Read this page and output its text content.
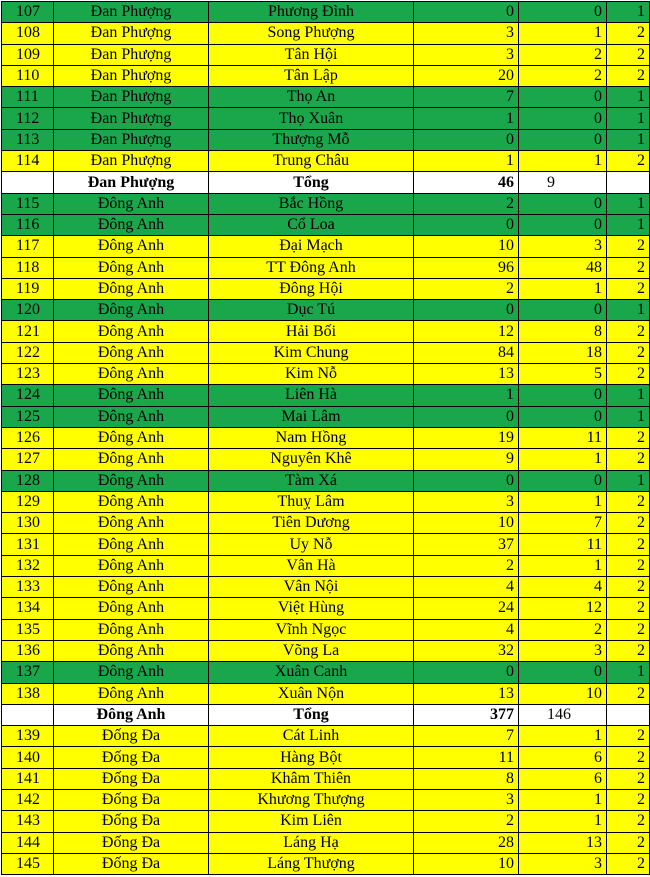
107	Đan Phượng	Phương Đình	0	0	1
108	Đan Phượng	Song Phượng	3	1	2
109	Đan Phượng	Tân Hội	3	2	2
110	Đan Phượng	Tân Lập	20	2	2
111	Đan Phượng	Thọ An	7	0	1
112	Đan Phượng	Thọ Xuân	1	0	1
113	Đan Phượng	Thượng Mỗ	0	0	1
114	Đan Phượng	Trung Châu	1	1	2
	Đan Phượng	Tổng	46	9	
115	Đông Anh	Bắc Hồng	2	0	1
116	Đông Anh	Cổ Loa	0	0	1
117	Đông Anh	Đại Mạch	10	3	2
118	Đông Anh	TT Đông Anh	96	48	2
119	Đông Anh	Đông Hội	2	1	2
120	Đông Anh	Dục Tú	0	0	1
121	Đông Anh	Hải Bối	12	8	2
122	Đông Anh	Kim Chung	84	18	2
123	Đông Anh	Kim Nỗ	13	5	2
124	Đông Anh	Liên Hà	1	0	1
125	Đông Anh	Mai Lâm	0	0	1
126	Đông Anh	Nam Hồng	19	11	2
127	Đông Anh	Nguyên Khê	9	1	2
128	Đông Anh	Tàm Xá	0	0	1
129	Đông Anh	Thuỵ Lâm	3	1	2
130	Đông Anh	Tiên Dương	10	7	2
131	Đông Anh	Uy Nỗ	37	11	2
132	Đông Anh	Vân Hà	2	1	2
133	Đông Anh	Vân Nội	4	4	2
134	Đông Anh	Việt Hùng	24	12	2
135	Đông Anh	Vĩnh Ngọc	4	2	2
136	Đông Anh	Võng La	32	3	2
137	Đông Anh	Xuân Canh	0	0	1
138	Đông Anh	Xuân Nộn	13	10	2
	Đông Anh	Tổng	377	146	
139	Đống Đa	Cát Linh	7	1	2
140	Đống Đa	Hàng Bột	11	6	2
141	Đống Đa	Khâm Thiên	8	6	2
142	Đống Đa	Khương Thượng	3	1	2
143	Đống Đa	Kim Liên	2	1	2
144	Đống Đa	Láng Hạ	28	13	2
145	Đống Đa	Láng Thượng	10	3	2
